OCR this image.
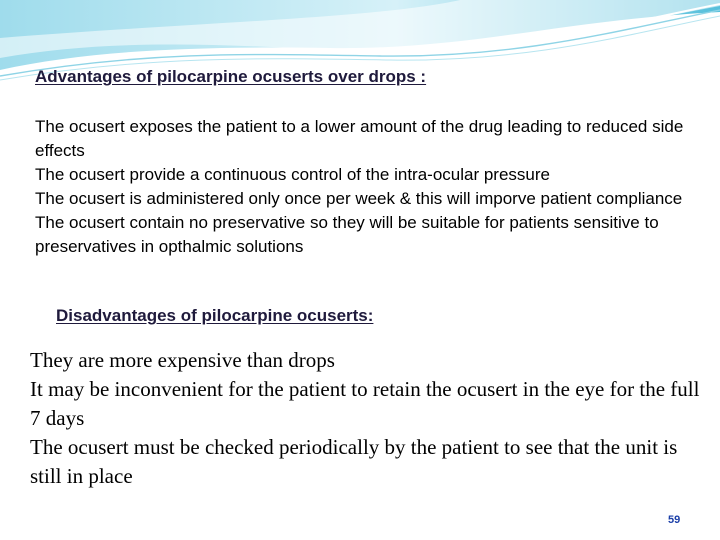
Advantages of pilocarpine ocuserts over drops :
The ocusert exposes the patient to a lower amount of the drug leading to reduced side effects
The ocusert provide a continuous control of the intra-ocular pressure
The ocusert is administered only once per week & this will imporve patient compliance
The ocusert contain no preservative so they will be suitable for patients sensitive to preservatives in opthalmic solutions
Disadvantages of pilocarpine ocuserts:
They are more expensive than drops
It may be inconvenient for the patient to retain the ocusert in the eye for the full 7 days
The ocusert must be checked periodically by the patient to see that the unit is still in place
59
